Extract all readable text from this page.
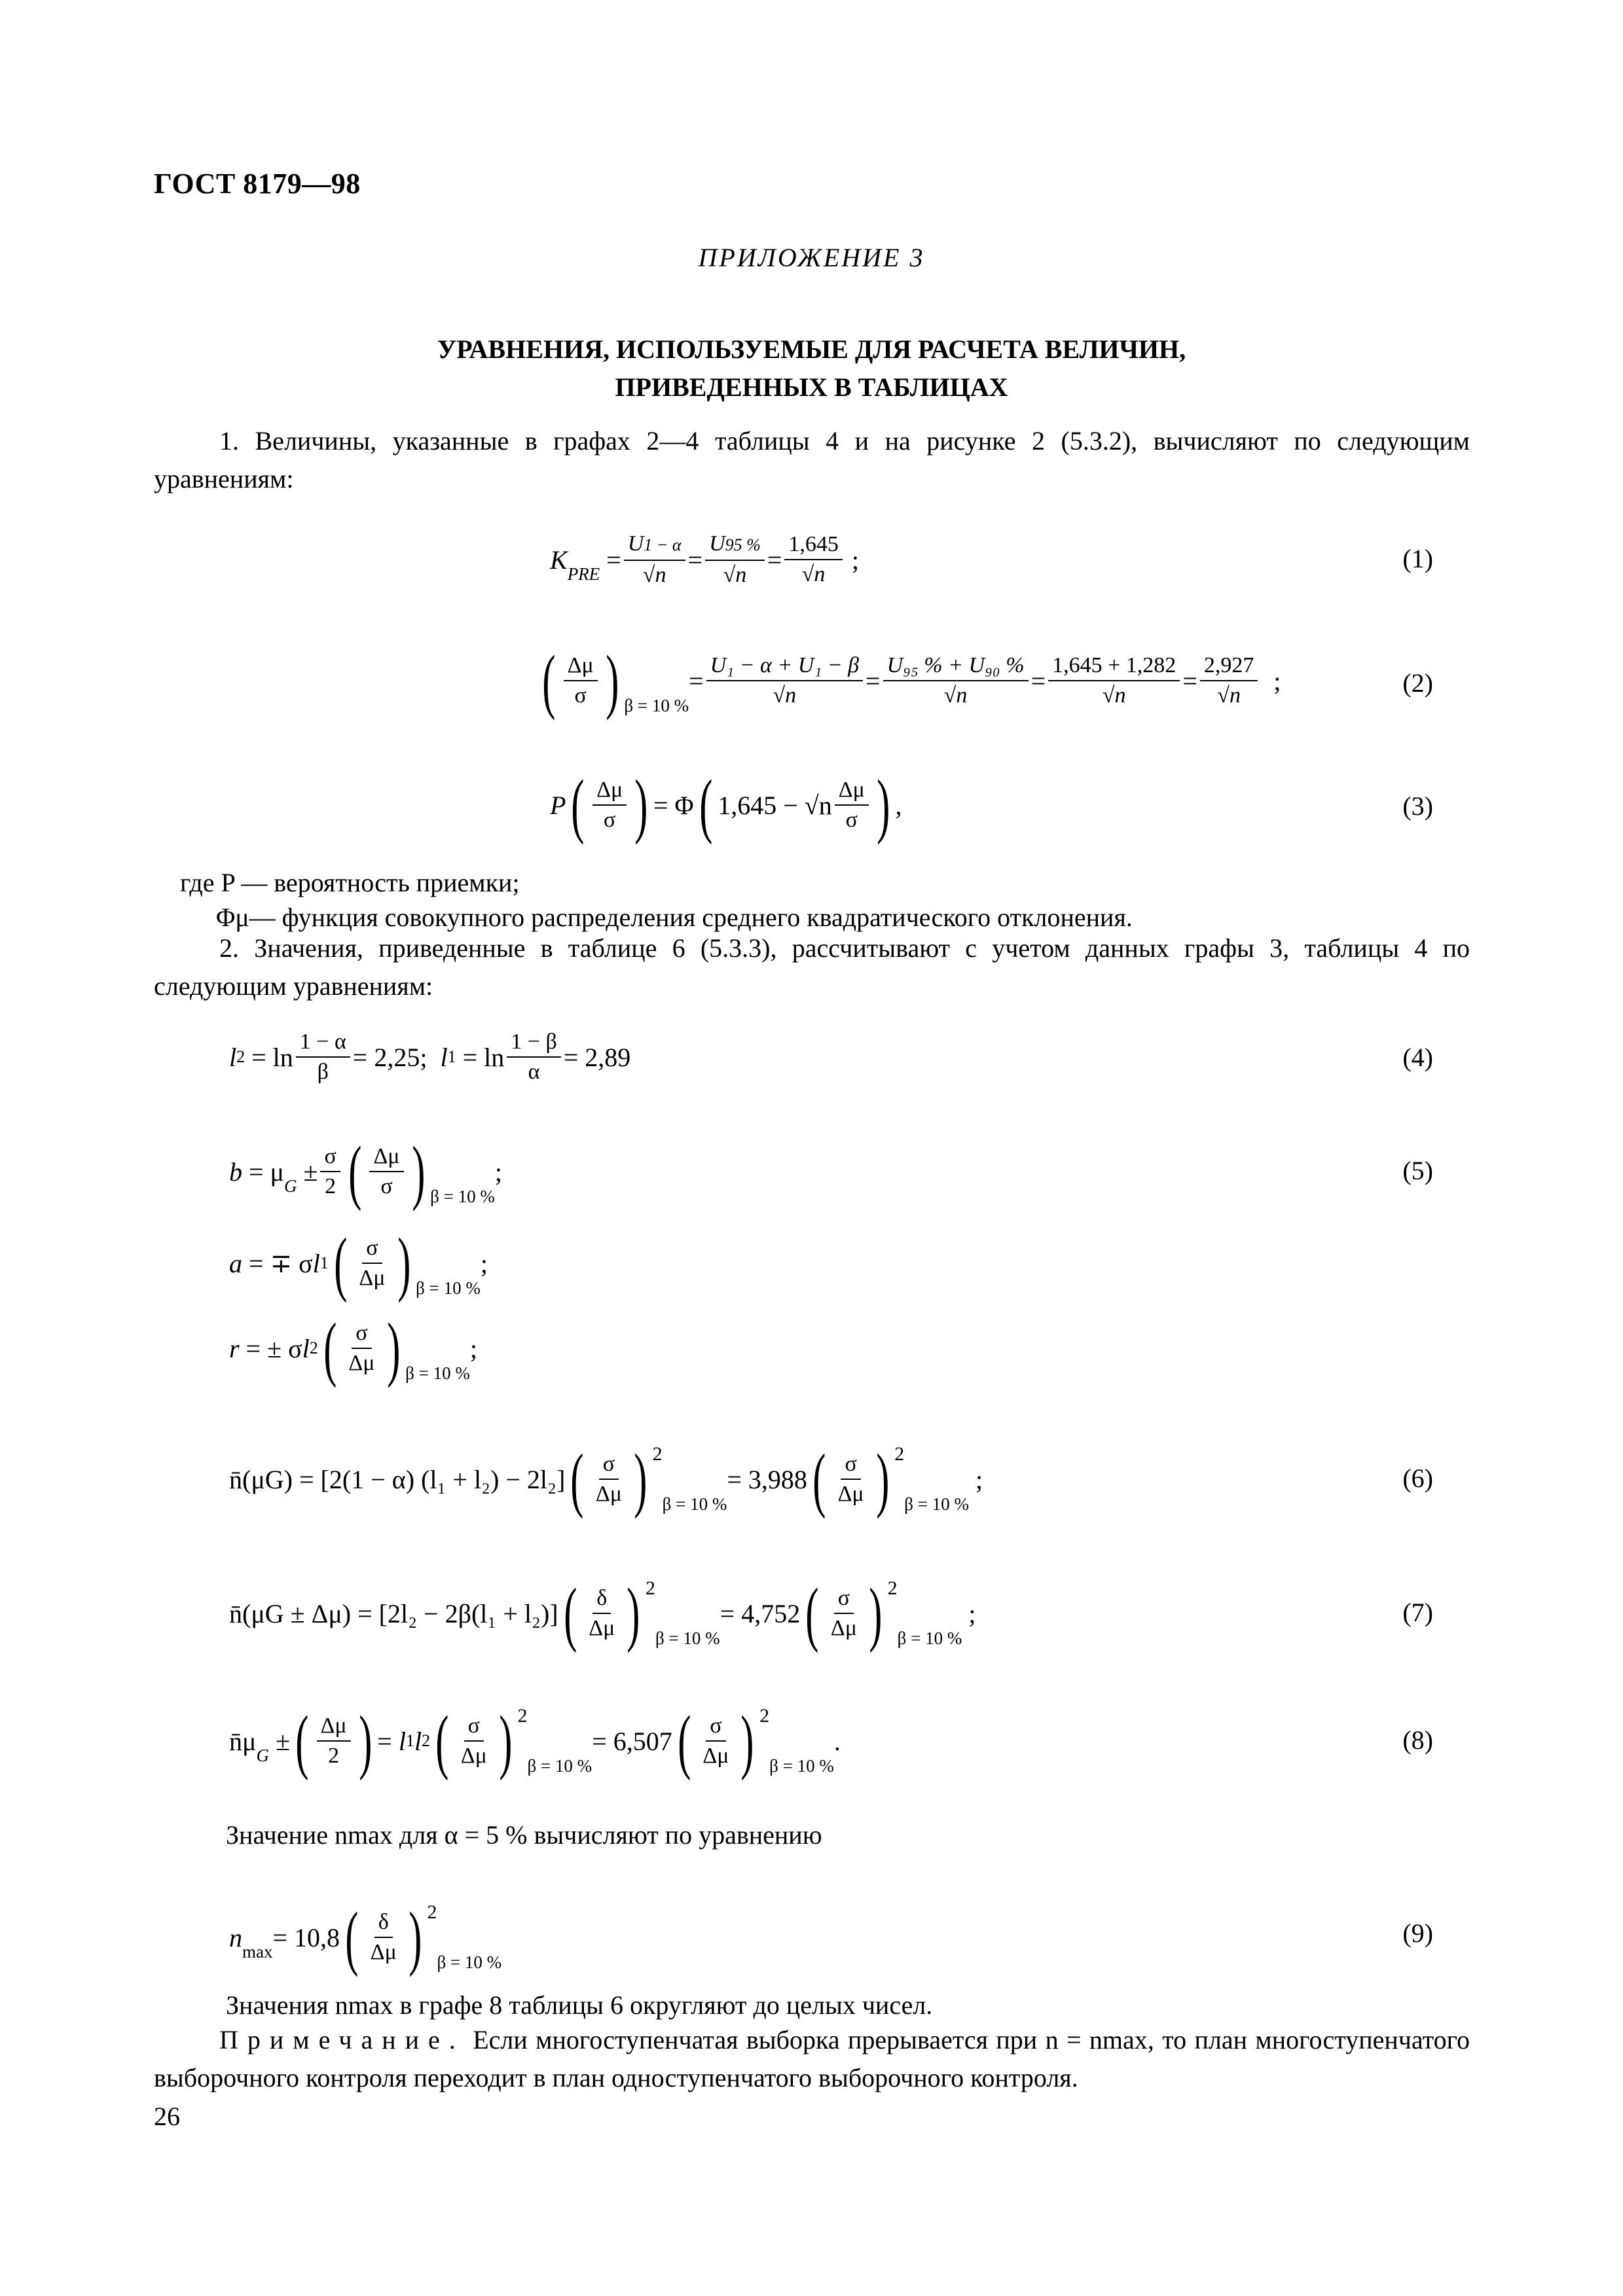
ГОСТ 8179—98
ПРИЛОЖЕНИЕ 3
УРАВНЕНИЯ, ИСПОЛЬЗУЕМЫЕ ДЛЯ РАСЧЕТА ВЕЛИЧИН,
ПРИВЕДЕННЫХ В ТАБЛИЦАХ
1. Величины, указанные в графах 2—4 таблицы 4 и на рисунке 2 (5.3.2), вычисляют по следующим уравнениям:
K PRE = $\frac{U1 - \alpha}{√n} = \frac{U95 \%}{√n} = \frac{1,645}{√n}$ ;	(1)
( $\frac{\Delta\mu}{\sigma}$ ) β = 10 %
= $\frac{\text{U₁ − α + U₁ − β}}{√n} = \frac{\text{U₉₅ \% + U₉₀ \%}}{√n} = \frac{1,645 + 1,282}{√n} = \frac{2,927}{√n}$ ;	(2)
P ( $\frac{\Delta\mu}{\sigma}$ ) = Φ ( $1,645 - √n \frac{\Delta\mu}{\sigma}$ ) ,	(3)
где P — вероятность приемки;
Φμ— функция совокупного распределения среднего квадратического отклонения.
2. Значения, приведенные в таблице 6 (5.3.3), рассчитывают с учетом данных графы 3, таблицы 4 по следующим уравнениям:
l $2 = \ln \frac{1 - \alpha}{\beta} = 2,25$; l $1 = \ln \frac{1 - \beta}{\alpha} = 2,89$	(4)
b = μ $G \pm \frac{\sigma}{2}$ ( $\frac{\Delta\mu}{\sigma}$ ) β = 10 %
;	(5)
a = ∓ σ l 1 ( $\frac{\sigma}{\Delta\mu}$ ) β = 10 %
;
r = ± σ l 2 ( $\frac{\sigma}{\Delta\mu}$ ) β = 10 %
;
n̄(μG) = [2(1 − α) (l₁ + l₂) − 2l₂] ( $\frac{\sigma}{\Delta\mu}$ ) 2
β = 10 %
= 3,988 ( $\frac{\sigma}{\Delta\mu}$ ) 2
β = 10 %
;	(6)
n̄(μG ± Δμ) = [2l₂ − 2β(l₁ + l₂)] ( $\frac{\delta}{\Delta\mu}$ ) 2
β = 10 %
= 4,752 ( $\frac{\sigma}{\Delta\mu}$ ) 2
β = 10 %
;	(7)
n̄μ G ± ( $\frac{\Delta\mu}{2}$ ) = l 1 l 2 ( $\frac{\sigma}{\Delta\mu}$ ) 2
β = 10 %
= 6,507 ( $\frac{\sigma}{\Delta\mu}$ ) 2
β = 10 %
.	(8)
Значение nmax для α = 5 % вычисляют по уравнению
n max = 10,8 ( $\frac{\delta}{\Delta\mu}$ ) 2
β = 10 %
(9)
Значения nmax в графе 8 таблицы 6 округляют до целых чисел.
Примечание. Если многоступенчатая выборка прерывается при n = nmax, то план многоступенчатого выборочного контроля переходит в план одноступенчатого выборочного контроля.
26
